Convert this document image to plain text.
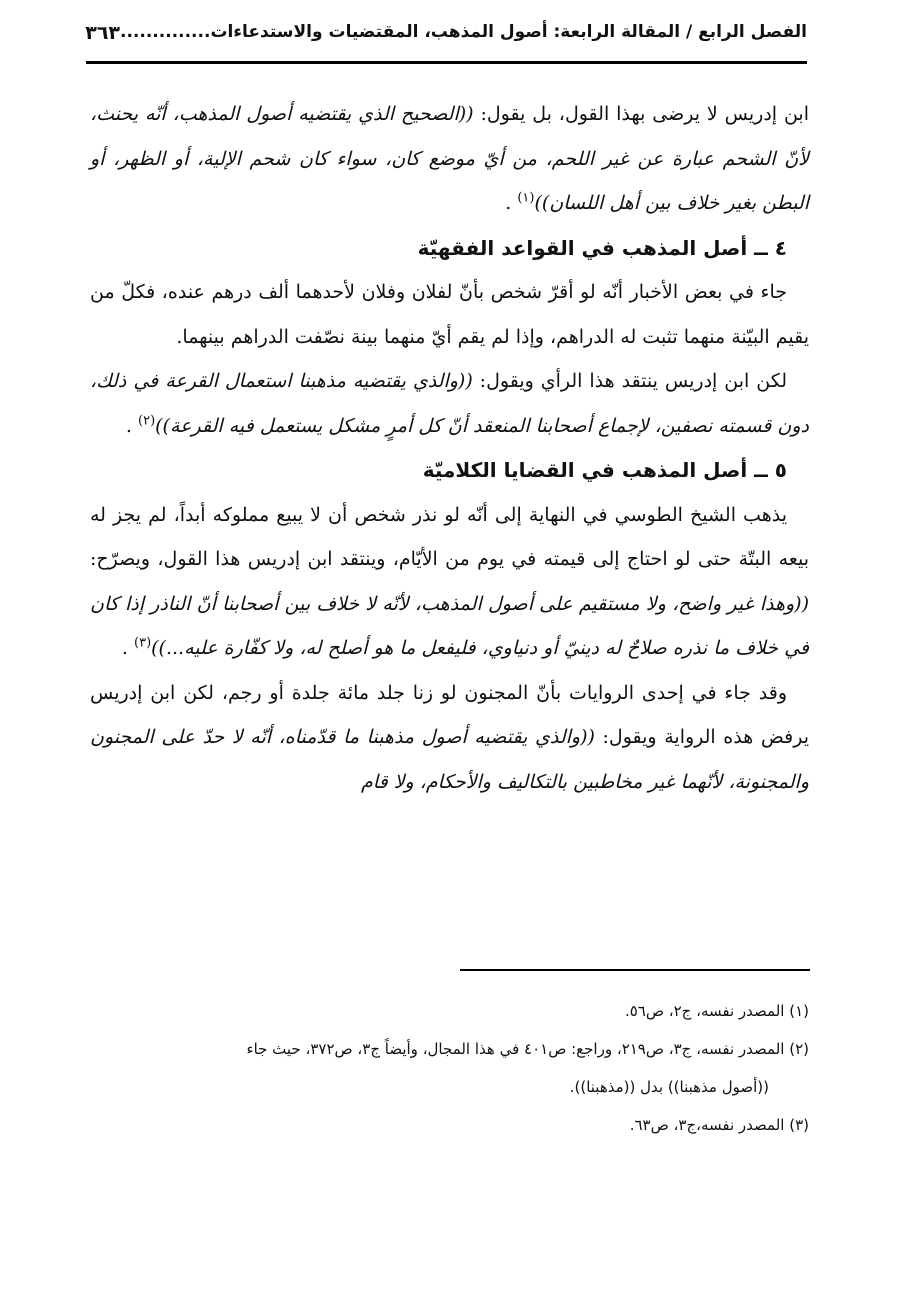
الفصل الرابع / المقالة الرابعة: أصول المذهب، المقتضيات والاستدعاءات..............
٣٦٣

ابن إدريس لا يرضى بهذا القول، بل يقول: ((الصحيح الذي يقتضيه أصول المذهب، أنّه يحنث، لأنّ الشحم عبارة عن غير اللحم، من أيّ موضع كان، سواء كان شحم الإلية، أو الظهر، أو البطن بغير خلاف بين أهل اللسان))$^{(١)}$ .

٤ ــ أصل المذهب في القواعد الفقهيّة

جاء في بعض الأخبار أنّه لو أقرّ شخص بأنّ لفلان وفلان لأحدهما ألف درهم عنده، فكلّ من يقيم البيّنة منهما تثبت له الدراهم، وإذا لم يقم أيّ منهما بينة نصّفت الدراهم بينهما.

لكن ابن إدريس ينتقد هذا الرأي ويقول: ((والذي يقتضيه مذهبنا استعمال القرعة في ذلك، دون قسمته نصفين، لإجماع أصحابنا المنعقد أنّ كل أمرٍ مشكل يستعمل فيه القرعة))$^{(٢)}$ .

٥ ــ أصل المذهب في القضايا الكلاميّة

يذهب الشيخ الطوسي في النهاية إلى أنّه لو نذر شخص أن لا يبيع مملوكه أبداً، لم يجز له بيعه البتّة حتى لو احتاج إلى قيمته في يوم من الأيّام، وينتقد ابن إدريس هذا القول، ويصرّح: ((وهذا غير واضح، ولا مستقيم على أصول المذهب، لأنّه لا خلاف بين أصحابنا أنّ الناذر إذا كان في خلاف ما نذره صلاحٌ له دينيّ أو دنياوي، فليفعل ما هو أصلح له، ولا كفّارة عليه...))$^{(٣)}$ .

وقد جاء في إحدى الروايات بأنّ المجنون لو زنا جلد مائة جلدة أو رجم، لكن ابن إدريس يرفض هذه الرواية ويقول: ((والذي يقتضيه أصول مذهبنا ما قدّمناه، أنّه لا حدّ على المجنون والمجنونة، لأنّهما غير مخاطبين بالتكاليف والأحكام، ولا قام

(١) المصدر نفسه، ج٢، ص٥٦.

(٢) المصدر نفسه، ج٣، ص٢١٩، وراجع: ص٤٠١ في هذا المجال، وأيضاً ج٣، ص٣٧٢، حيث جاء

((أصول مذهبنا)) بدل ((مذهبنا)).

(٣) المصدر نفسه،ج٣، ص٦٣.
